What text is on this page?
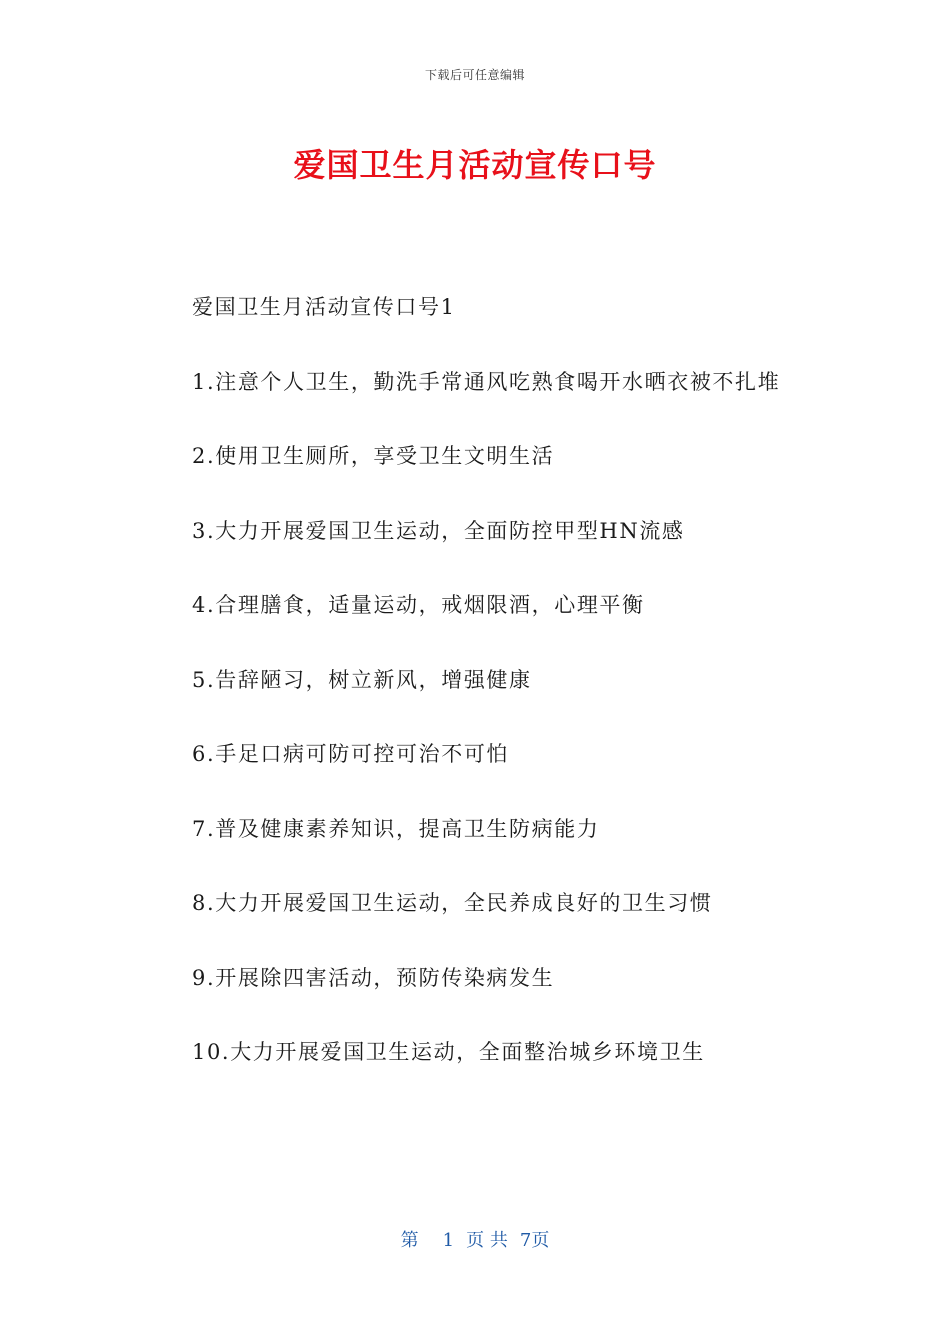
下载后可任意编辑
爱国卫生月活动宣传口号

爱国卫生月活动宣传口号1

1.注意个人卫生，勤洗手常通风吃熟食喝开水晒衣被不扎堆

2.使用卫生厕所，享受卫生文明生活

3.大力开展爱国卫生运动，全面防控甲型HN流感

4.合理膳食，适量运动，戒烟限酒，心理平衡

5.告辞陋习，树立新风，增强健康

6.手足口病可防可控可治不可怕

7.普及健康素养知识，提高卫生防病能力

8.大力开展爱国卫生运动，全民养成良好的卫生习惯

9.开展除四害活动，预防传染病发生

10.大力开展爱国卫生运动，全面整治城乡环境卫生

第 1 页 共 7页
